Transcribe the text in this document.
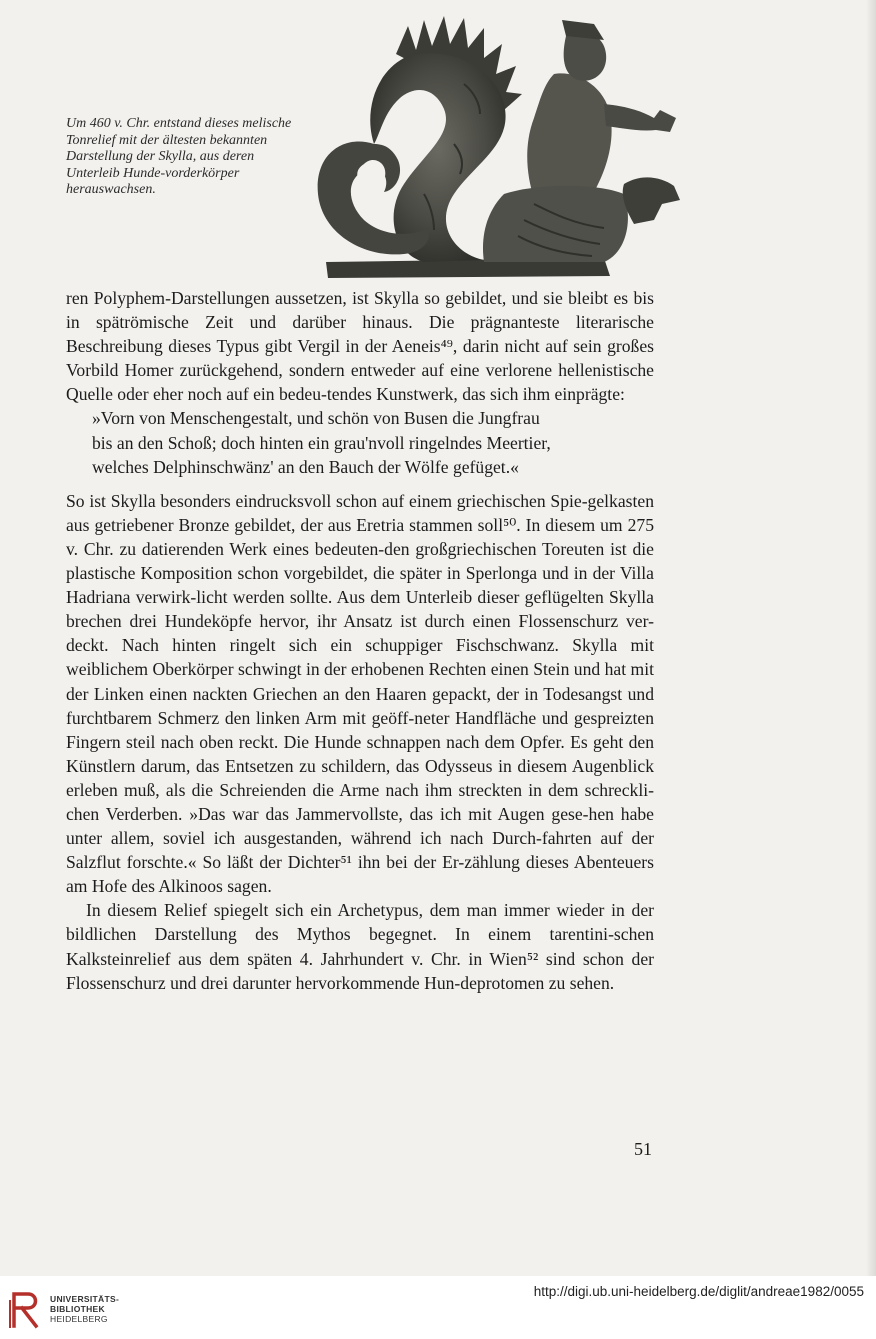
Um 460 v. Chr. entstand dieses melische Tonrelief mit der ältesten bekannten Darstellung der Skylla, aus deren Unterleib Hunde-vorderkörper herauswachsen.

ren Polyphem-Darstellungen aussetzen, ist Skylla so gebildet, und sie bleibt es bis in spätrömische Zeit und darüber hinaus. Die prägnanteste literarische Beschreibung dieses Typus gibt Vergil in der Aeneis⁴⁹, darin nicht auf sein großes Vorbild Homer zurückgehend, sondern entweder auf eine verlorene hellenistische Quelle oder eher noch auf ein bedeu-tendes Kunstwerk, das sich ihm einprägte:

»Vorn von Menschengestalt, und schön von Busen die Jungfrau
bis an den Schoß; doch hinten ein grau'nvoll ringelndes Meertier,
welches Delphinschwänz' an den Bauch der Wölfe gefüget.«

So ist Skylla besonders eindrucksvoll schon auf einem griechischen Spie-gelkasten aus getriebener Bronze gebildet, der aus Eretria stammen soll⁵⁰. In diesem um 275 v. Chr. zu datierenden Werk eines bedeuten-den großgriechischen Toreuten ist die plastische Komposition schon vorgebildet, die später in Sperlonga und in der Villa Hadriana verwirk-licht werden sollte. Aus dem Unterleib dieser geflügelten Skylla brechen drei Hundeköpfe hervor, ihr Ansatz ist durch einen Flossenschurz ver-deckt. Nach hinten ringelt sich ein schuppiger Fischschwanz. Skylla mit weiblichem Oberkörper schwingt in der erhobenen Rechten einen Stein und hat mit der Linken einen nackten Griechen an den Haaren gepackt, der in Todesangst und furchtbarem Schmerz den linken Arm mit geöff-neter Handfläche und gespreizten Fingern steil nach oben reckt. Die Hunde schnappen nach dem Opfer. Es geht den Künstlern darum, das Entsetzen zu schildern, das Odysseus in diesem Augenblick erleben muß, als die Schreienden die Arme nach ihm streckten in dem schreckli-chen Verderben. »Das war das Jammervollste, das ich mit Augen gese-hen habe unter allem, soviel ich ausgestanden, während ich nach Durch-fahrten auf der Salzflut forschte.« So läßt der Dichter⁵¹ ihn bei der Er-zählung dieses Abenteuers am Hofe des Alkinoos sagen.

In diesem Relief spiegelt sich ein Archetypus, dem man immer wieder in der bildlichen Darstellung des Mythos begegnet. In einem tarentini-schen Kalksteinrelief aus dem späten 4. Jahrhundert v. Chr. in Wien⁵² sind schon der Flossenschurz und drei darunter hervorkommende Hun-deprotomen zu sehen.

51
UNIVERSITÄTS-
BIBLIOTHEK
HEIDELBERG
http://digi.ub.uni-heidelberg.de/diglit/andreae1982/0055
